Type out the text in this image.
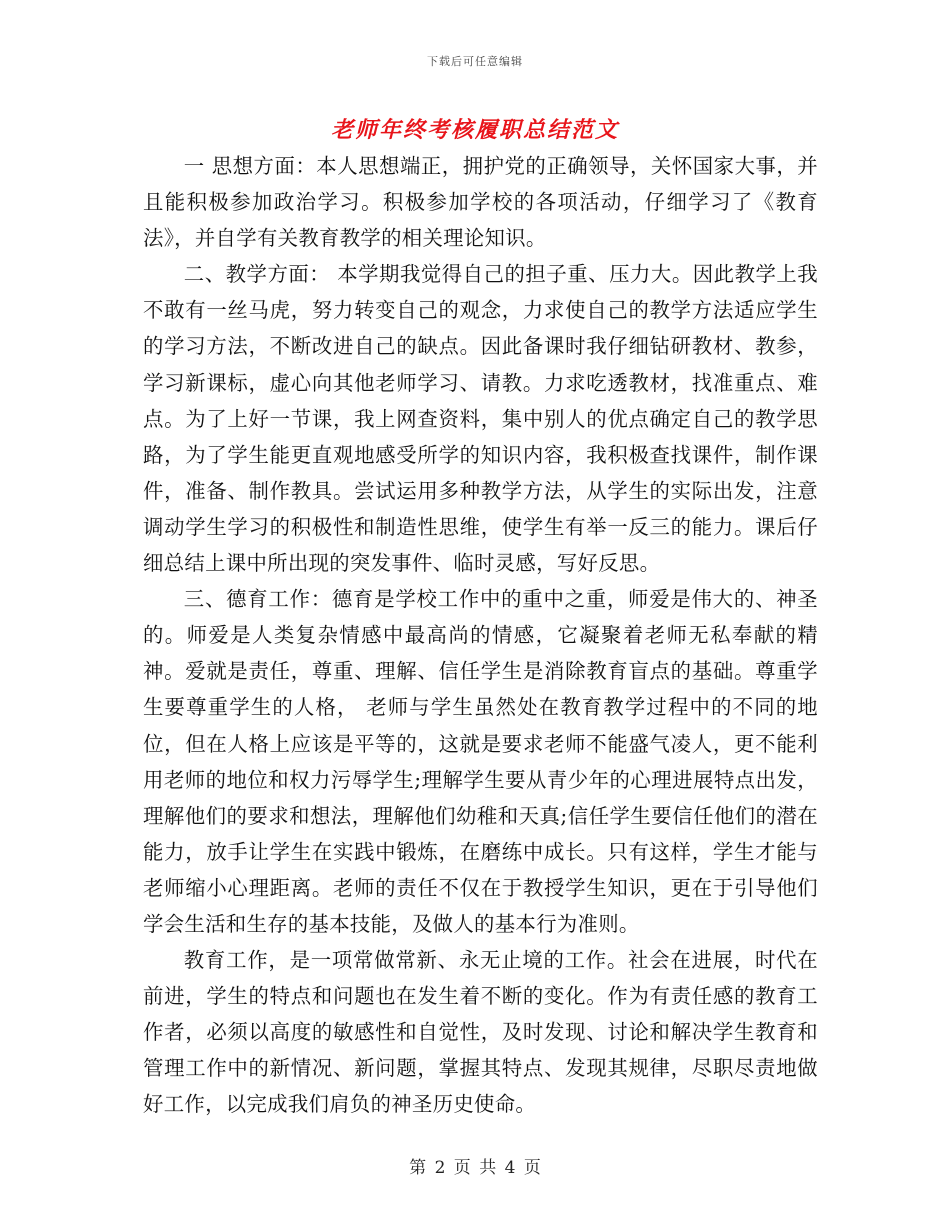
下载后可任意编辑
老师年终考核履职总结范文

一 思想方面：本人思想端正，拥护党的正确领导，关怀国家大事，并且能积极参加政治学习。积极参加学校的各项活动，仔细学习了《教育法》，并自学有关教育教学的相关理论知识。

二、教学方面： 本学期我觉得自己的担子重、压力大。因此教学上我不敢有一丝马虎，努力转变自己的观念，力求使自己的教学方法适应学生的学习方法，不断改进自己的缺点。因此备课时我仔细钻研教材、教参，学习新课标，虚心向其他老师学习、请教。力求吃透教材，找准重点、难点。为了上好一节课，我上网查资料，集中别人的优点确定自己的教学思路，为了学生能更直观地感受所学的知识内容，我积极查找课件，制作课件，准备、制作教具。尝试运用多种教学方法，从学生的实际出发，注意调动学生学习的积极性和制造性思维，使学生有举一反三的能力。课后仔细总结上课中所出现的突发事件、临时灵感，写好反思。

三、德育工作：德育是学校工作中的重中之重，师爱是伟大的、神圣的。师爱是人类复杂情感中最高尚的情感，它凝聚着老师无私奉献的精神。爱就是责任，尊重、理解、信任学生是消除教育盲点的基础。尊重学生要尊重学生的人格， 老师与学生虽然处在教育教学过程中的不同的地位，但在人格上应该是平等的，这就是要求老师不能盛气凌人，更不能利用老师的地位和权力污辱学生;理解学生要从青少年的心理进展特点出发，理解他们的要求和想法，理解他们幼稚和天真;信任学生要信任他们的潜在能力，放手让学生在实践中锻炼，在磨练中成长。只有这样，学生才能与老师缩小心理距离。老师的责任不仅在于教授学生知识，更在于引导他们学会生活和生存的基本技能，及做人的基本行为准则。

教育工作，是一项常做常新、永无止境的工作。社会在进展，时代在前进，学生的特点和问题也在发生着不断的变化。作为有责任感的教育工作者，必须以高度的敏感性和自觉性，及时发现、讨论和解决学生教育和管理工作中的新情况、新问题，掌握其特点、发现其规律，尽职尽责地做好工作，以完成我们肩负的神圣历史使命。

第 2 页 共 4 页
